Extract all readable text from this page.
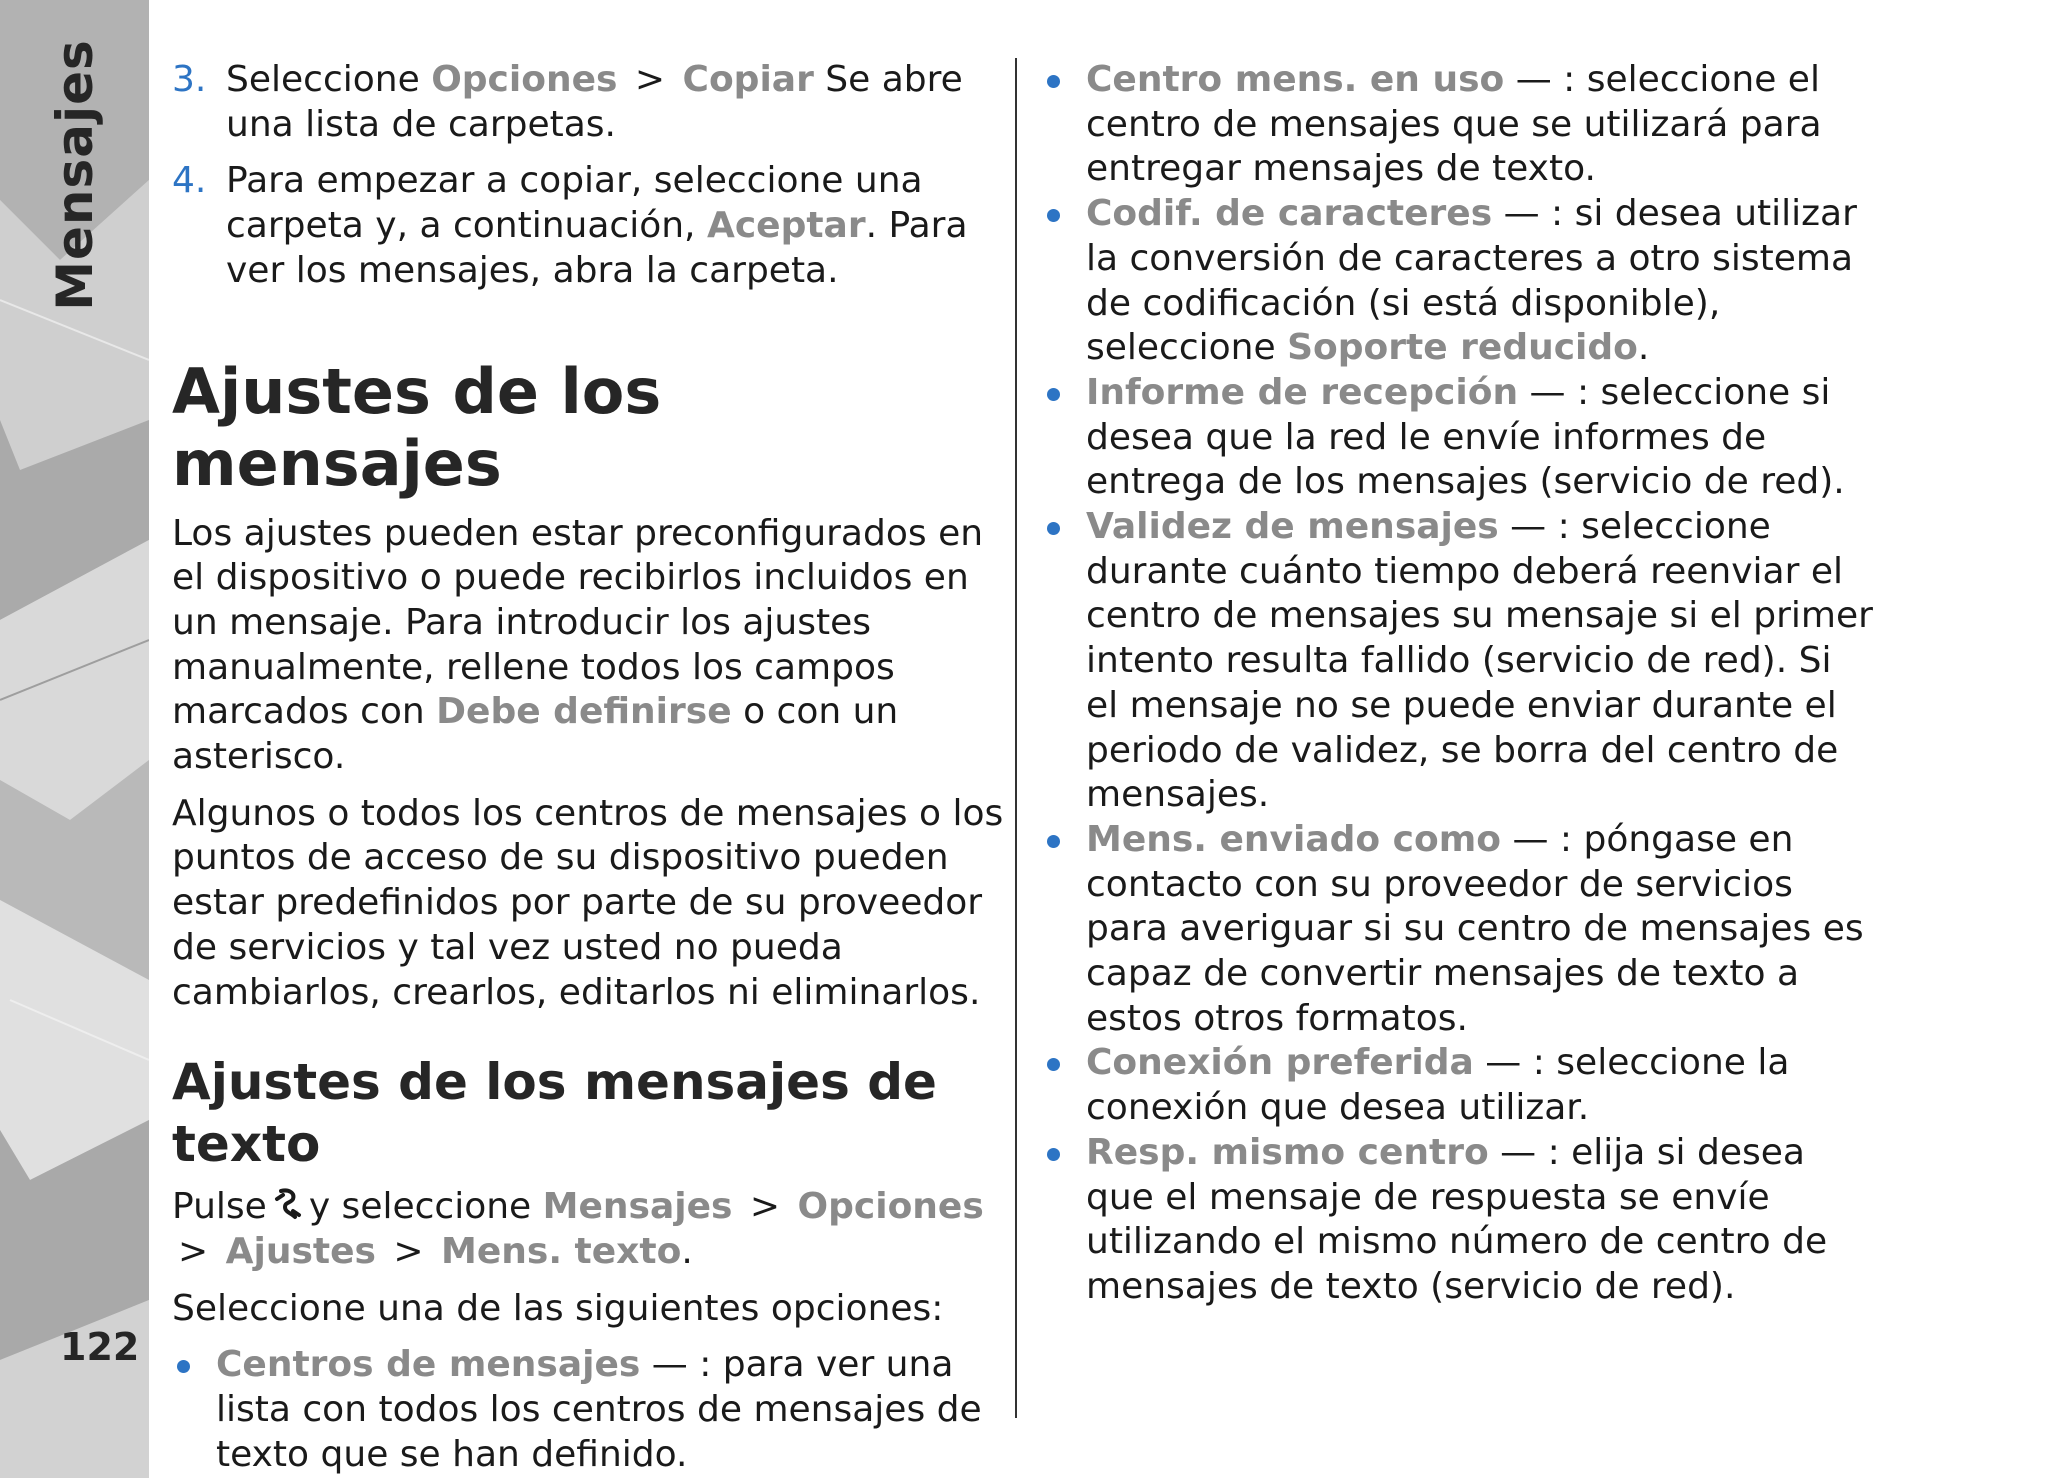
Mensajes
122

3. Seleccione Opciones > Copiar Se abre una lista de carpetas.

4. Para empezar a copiar, seleccione una carpeta y, a continuación, Aceptar. Para ver los mensajes, abra la carpeta.

Ajustes de los mensajes

Los ajustes pueden estar preconfigurados en el dispositivo o puede recibirlos incluidos en un mensaje. Para introducir los ajustes manualmente, rellene todos los campos marcados con Debe definirse o con un asterisco.

Algunos o todos los centros de mensajes o los puntos de acceso de su dispositivo pueden estar predefinidos por parte de su proveedor de servicios y tal vez usted no pueda cambiarlos, crearlos, editarlos ni eliminarlos.

Ajustes de los mensajes de texto

Pulse y seleccione Mensajes > Opciones > Ajustes > Mens. texto.

Seleccione una de las siguientes opciones:

Centros de mensajes — : para ver una lista con todos los centros de mensajes de texto que se han definido.

Centro mens. en uso — : seleccione el centro de mensajes que se utilizará para entregar mensajes de texto.

Codif. de caracteres — : si desea utilizar la conversión de caracteres a otro sistema de codificación (si está disponible), seleccione Soporte reducido.

Informe de recepción — : seleccione si desea que la red le envíe informes de entrega de los mensajes (servicio de red).

Validez de mensajes — : seleccione durante cuánto tiempo deberá reenviar el centro de mensajes su mensaje si el primer intento resulta fallido (servicio de red). Si el mensaje no se puede enviar durante el periodo de validez, se borra del centro de mensajes.

Mens. enviado como — : póngase en contacto con su proveedor de servicios para averiguar si su centro de mensajes es capaz de convertir mensajes de texto a estos otros formatos.

Conexión preferida — : seleccione la conexión que desea utilizar.

Resp. mismo centro — : elija si desea que el mensaje de respuesta se envíe utilizando el mismo número de centro de mensajes de texto (servicio de red).
